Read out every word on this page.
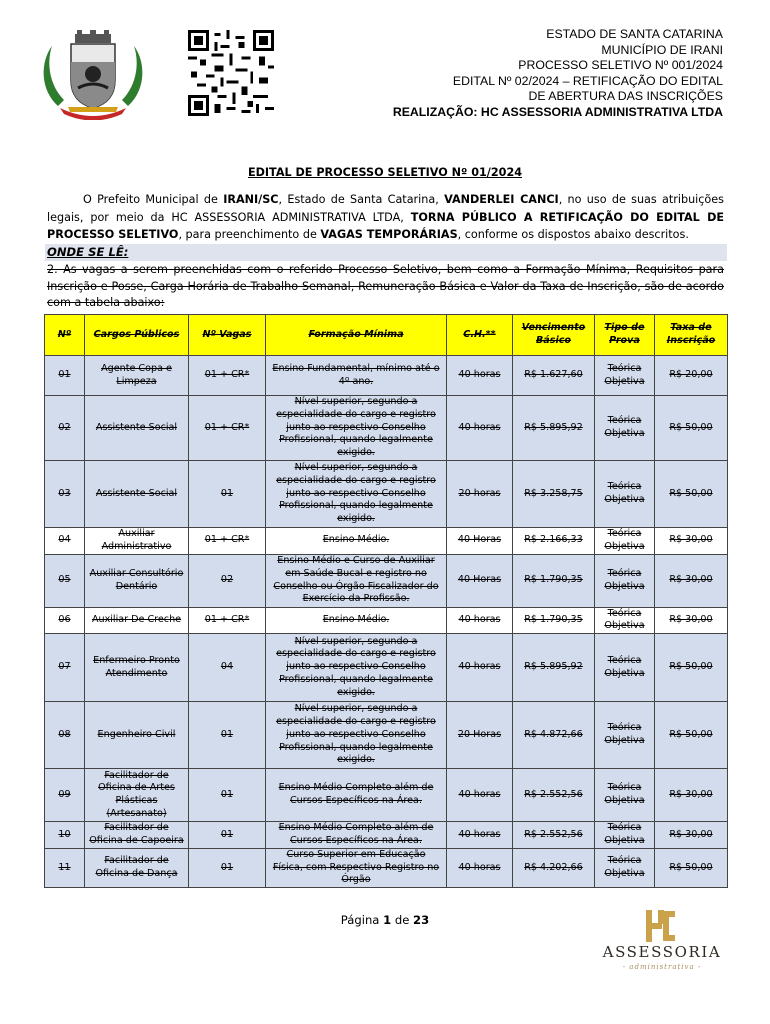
ESTADO DE SANTA CATARINA
MUNICÍPIO DE IRANI
PROCESSO SELETIVO Nº 001/2024
EDITAL Nº 02/2024 – RETIFICAÇÃO DO EDITAL
DE ABERTURA DAS INSCRIÇÕES
REALIZAÇÃO: HC ASSESSORIA ADMINISTRATIVA LTDA
EDITAL DE PROCESSO SELETIVO Nº 01/2024
O Prefeito Municipal de IRANI/SC, Estado de Santa Catarina, VANDERLEI CANCI, no uso de suas atribuições legais, por meio da HC ASSESSORIA ADMINISTRATIVA LTDA, TORNA PÚBLICO A RETIFICAÇÃO DO EDITAL DE PROCESSO SELETIVO, para preenchimento de VAGAS TEMPORÁRIAS, conforme os dispostos abaixo descritos.
ONDE SE LÊ:
2. As vagas a serem preenchidas com o referido Processo Seletivo, bem como a Formação Mínima, Requisitos para Inscrição e Posse, Carga Horária de Trabalho Semanal, Remuneração Básica e Valor da Taxa de Inscrição, são de acordo com a tabela abaixo:
Nº	Cargos Públicos	Nº Vagas	Formação Mínima	C.H.**	Vencimento Básico	Tipo de Prova	Taxa de Inscrição
01	Agente Copa e Limpeza	01 + CR*	Ensino Fundamental, mínimo até o 4º ano.	40 horas	R$ 1.627,60	Teórica Objetiva	R$ 20,00
02	Assistente Social	01 + CR*	Nível superior, segundo a especialidade do cargo e registro junto ao respectivo Conselho Profissional, quando legalmente exigido.	40 horas	R$ 5.895,92	Teórica Objetiva	R$ 50,00
03	Assistente Social	01	Nível superior, segundo a especialidade do cargo e registro junto ao respectivo Conselho Profissional, quando legalmente exigido.	20 horas	R$ 3.258,75	Teórica Objetiva	R$ 50,00
04	Auxiliar Administrativo	01 + CR*	Ensino Médio.	40 Horas	R$ 2.166,33	Teórica Objetiva	R$ 30,00
05	Auxiliar Consultório Dentário	02	Ensino Médio e Curso de Auxiliar em Saúde Bucal e registro no Conselho ou Órgão Fiscalizador do Exercício da Profissão.	40 Horas	R$ 1.790,35	Teórica Objetiva	R$ 30,00
06	Auxiliar De Creche	01 + CR*	Ensino Médio.	40 horas	R$ 1.790,35	Teórica Objetiva	R$ 30,00
07	Enfermeiro Pronto Atendimento	04	Nível superior, segundo a especialidade do cargo e registro junto ao respectivo Conselho Profissional, quando legalmente exigido.	40 horas	R$ 5.895,92	Teórica Objetiva	R$ 50,00
08	Engenheiro Civil	01	Nível superior, segundo a especialidade do cargo e registro junto ao respectivo Conselho Profissional, quando legalmente exigido.	20 Horas	R$ 4.872,66	Teórica Objetiva	R$ 50,00
09	Facilitador de Oficina de Artes Plásticas (Artesanato)	01	Ensino Médio Completo além de Cursos Específicos na Área.	40 horas	R$ 2.552,56	Teórica Objetiva	R$ 30,00
10	Facilitador de Oficina de Capoeira	01	Ensino Médio Completo além de Cursos Específicos na Área.	40 horas	R$ 2.552,56	Teórica Objetiva	R$ 30,00
11	Facilitador de Oficina de Dança	01	Curso Superior em Educação Física, com Respectivo Registro no Órgão	40 horas	R$ 4.202,66	Teórica Objetiva	R$ 50,00
Página 1 de 23
ASSESSORIA
- administrativa -
